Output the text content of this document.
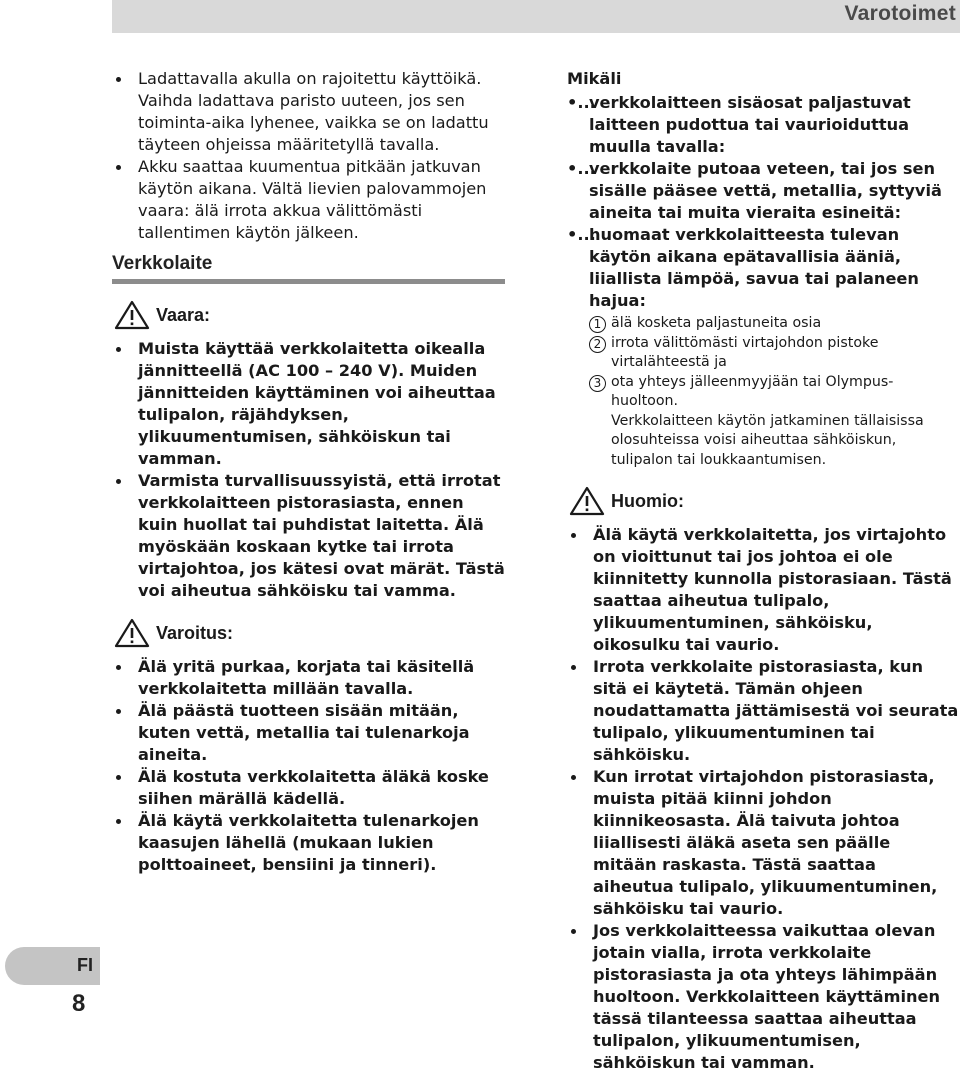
Varotoimet
Ladattavalla akulla on rajoitettu käyttöikä. Vaihda ladattava paristo uuteen, jos sen toiminta-aika lyhenee, vaikka se on ladattu täyteen ohjeissa määritetyllä tavalla.
Akku saattaa kuumentua pitkään jatkuvan käytön aikana. Vältä lievien palovammojen vaara: älä irrota akkua välittömästi tallentimen käytön jälkeen.
Verkkolaite
Vaara:
Muista käyttää verkkolaitetta oikealla jännitteellä (AC 100 – 240 V). Muiden jännitteiden käyttäminen voi aiheuttaa tulipalon, räjähdyksen, ylikuumentumisen, sähköiskun tai vamman.
Varmista turvallisuussyistä, että irrotat verkkolaitteen pistorasiasta, ennen kuin huollat tai puhdistat laitetta. Älä myöskään koskaan kytke tai irrota virtajohtoa, jos kätesi ovat märät. Tästä voi aiheutua sähköisku tai vamma.
Varoitus:
Älä yritä purkaa, korjata tai käsitellä verkkolaitetta millään tavalla.
Älä päästä tuotteen sisään mitään, kuten vettä, metallia tai tulenarkoja aineita.
Älä kostuta verkkolaitetta äläkä koske siihen märällä kädellä.
Älä käytä verkkolaitetta tulenarkojen kaasujen lähellä (mukaan lukien polttoaineet, bensiini ja tinneri).
Mikäli
•...
verkkolaitteen sisäosat paljastuvat laitteen pudottua tai vaurioiduttua muulla tavalla:
•...
verkkolaite putoaa veteen, tai jos sen sisälle pääsee vettä, metallia, syttyviä aineita tai muita vieraita esineitä:
•...
huomaat verkkolaitteesta tulevan käytön aikana epätavallisia ääniä, liiallista lämpöä, savua tai palaneen hajua:
1 älä kosketa paljastuneita osia
2 irrota välittömästi virtajohdon pistoke virtalähteestä ja
3 ota yhteys jälleenmyyjään tai Olympus-huoltoon.
Verkkolaitteen käytön jatkaminen tällaisissa olosuhteissa voisi aiheuttaa sähköiskun, tulipalon tai loukkaantumisen.
Huomio:
Älä käytä verkkolaitetta, jos virtajohto on vioittunut tai jos johtoa ei ole kiinnitetty kunnolla pistorasiaan. Tästä saattaa aiheutua tulipalo, ylikuumentuminen, sähköisku, oikosulku tai vaurio.
Irrota verkkolaite pistorasiasta, kun sitä ei käytetä. Tämän ohjeen noudattamatta jättämisestä voi seurata tulipalo, ylikuumentuminen tai sähköisku.
Kun irrotat virtajohdon pistorasiasta, muista pitää kiinni johdon kiinnikeosasta. Älä taivuta johtoa liiallisesti äläkä aseta sen päälle mitään raskasta. Tästä saattaa aiheutua tulipalo, ylikuumentuminen, sähköisku tai vaurio.
Jos verkkolaitteessa vaikuttaa olevan jotain vialla, irrota verkkolaite pistorasiasta ja ota yhteys lähimpään huoltoon. Verkkolaitteen käyttäminen tässä tilanteessa saattaa aiheuttaa tulipalon, ylikuumentumisen, sähköiskun tai vamman.
FI
8
